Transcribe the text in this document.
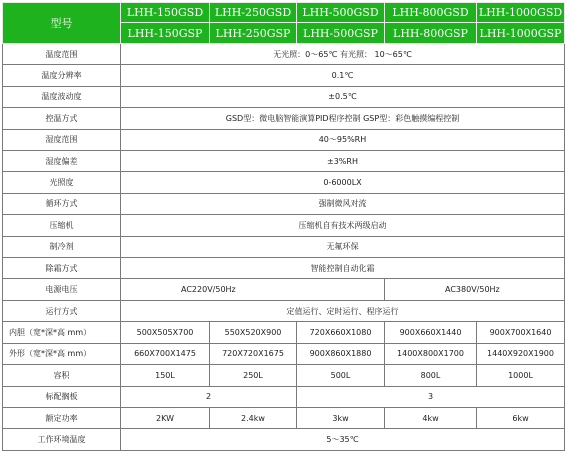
型号	LHH-150GSD	LHH-250GSD	LHH-500GSD	LHH-800GSD	LHH-1000GSD
	LHH-150GSP	LHH-250GSP	LHH-500GSP	LHH-800GSP	LHH-1000GSP
温度范围	无光照：0～65℃ 有光照： 10～65℃				
温度分辨率	0.1℃				
温度波动度	±0.5℃				
控温方式	GSD型：微电脑智能演算PID程序控制 GSP型：彩色触摸编程控制				
湿度范围	40～95%RH				
湿度偏差	±3%RH				
光照度	0-6000LX				
循环方式	强制微风对流				
压缩机	压缩机自有技术两级启动				
制冷剂	无氟环保				
除霜方式	智能控制自动化霜				
电源电压	AC220V/50Hz			AC380V/50Hz	
运行方式	定值运行、定时运行、程序运行				
内胆（宽*深*高 mm）	500X505X700	550X520X900	720X660X1080	900X660X1440	900X700X1640
外形（宽*深*高 mm）	660X700X1475	720X720X1675	900X860X1880	1400X800X1700	1440X920X1900
容积	150L	250L	500L	800L	1000L
标配搁板	2		3		
额定功率	2KW	2.4kw	3kw	4kw	6kw
工作环境温度	5～35℃				
